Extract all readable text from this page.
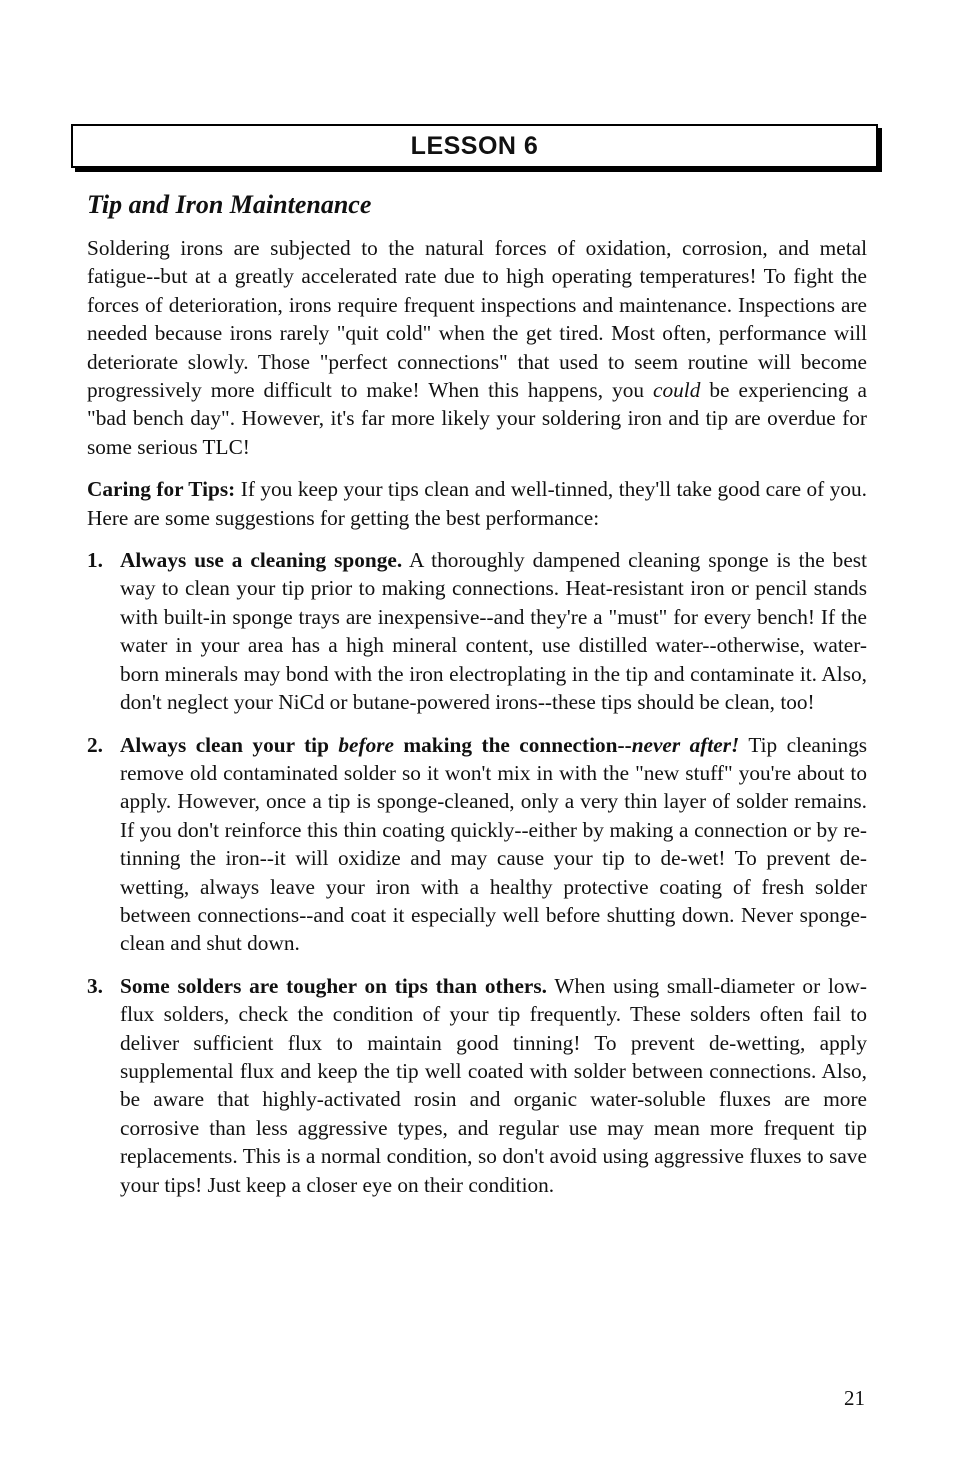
LESSON 6
Tip and Iron Maintenance

Soldering irons are subjected to the natural forces of oxidation, corrosion, and metal fatigue--but at a greatly accelerated rate due to high operating temperatures! To fight the forces of deterioration, irons require frequent inspections and maintenance. Inspections are needed because irons rarely "quit cold" when the get tired. Most often, performance will deteriorate slowly. Those "perfect connections" that used to seem routine will become progressively more difficult to make! When this happens, you could be experiencing a "bad bench day". However, it's far more likely your soldering iron and tip are overdue for some serious TLC!

Caring for Tips: If you keep your tips clean and well-tinned, they'll take good care of you. Here are some suggestions for getting the best performance:

1. Always use a cleaning sponge. A thoroughly dampened cleaning sponge is the best way to clean your tip prior to making connections. Heat-resistant iron or pencil stands with built-in sponge trays are inexpensive--and they're a "must" for every bench! If the water in your area has a high mineral content, use distilled water--otherwise, water-born minerals may bond with the iron electroplating in the tip and contaminate it. Also, don't neglect your NiCd or butane-powered irons--these tips should be clean, too!
2. Always clean your tip before making the connection--never after! Tip cleanings remove old contaminated solder so it won't mix in with the "new stuff" you're about to apply. However, once a tip is sponge-cleaned, only a very thin layer of solder remains. If you don't reinforce this thin coating quickly--either by making a connection or by re-tinning the iron--it will oxidize and may cause your tip to de-wet! To prevent de-wetting, always leave your iron with a healthy protective coating of fresh solder between connections--and coat it especially well before shutting down. Never sponge-clean and shut down.
3. Some solders are tougher on tips than others. When using small-diameter or low-flux solders, check the condition of your tip frequently. These solders often fail to deliver sufficient flux to maintain good tinning! To prevent de-wetting, apply supplemental flux and keep the tip well coated with solder between connections. Also, be aware that highly-activated rosin and organic water-soluble fluxes are more corrosive than less aggressive types, and regular use may mean more frequent tip replacements. This is a normal condition, so don't avoid using aggressive fluxes to save your tips! Just keep a closer eye on their condition.
21
